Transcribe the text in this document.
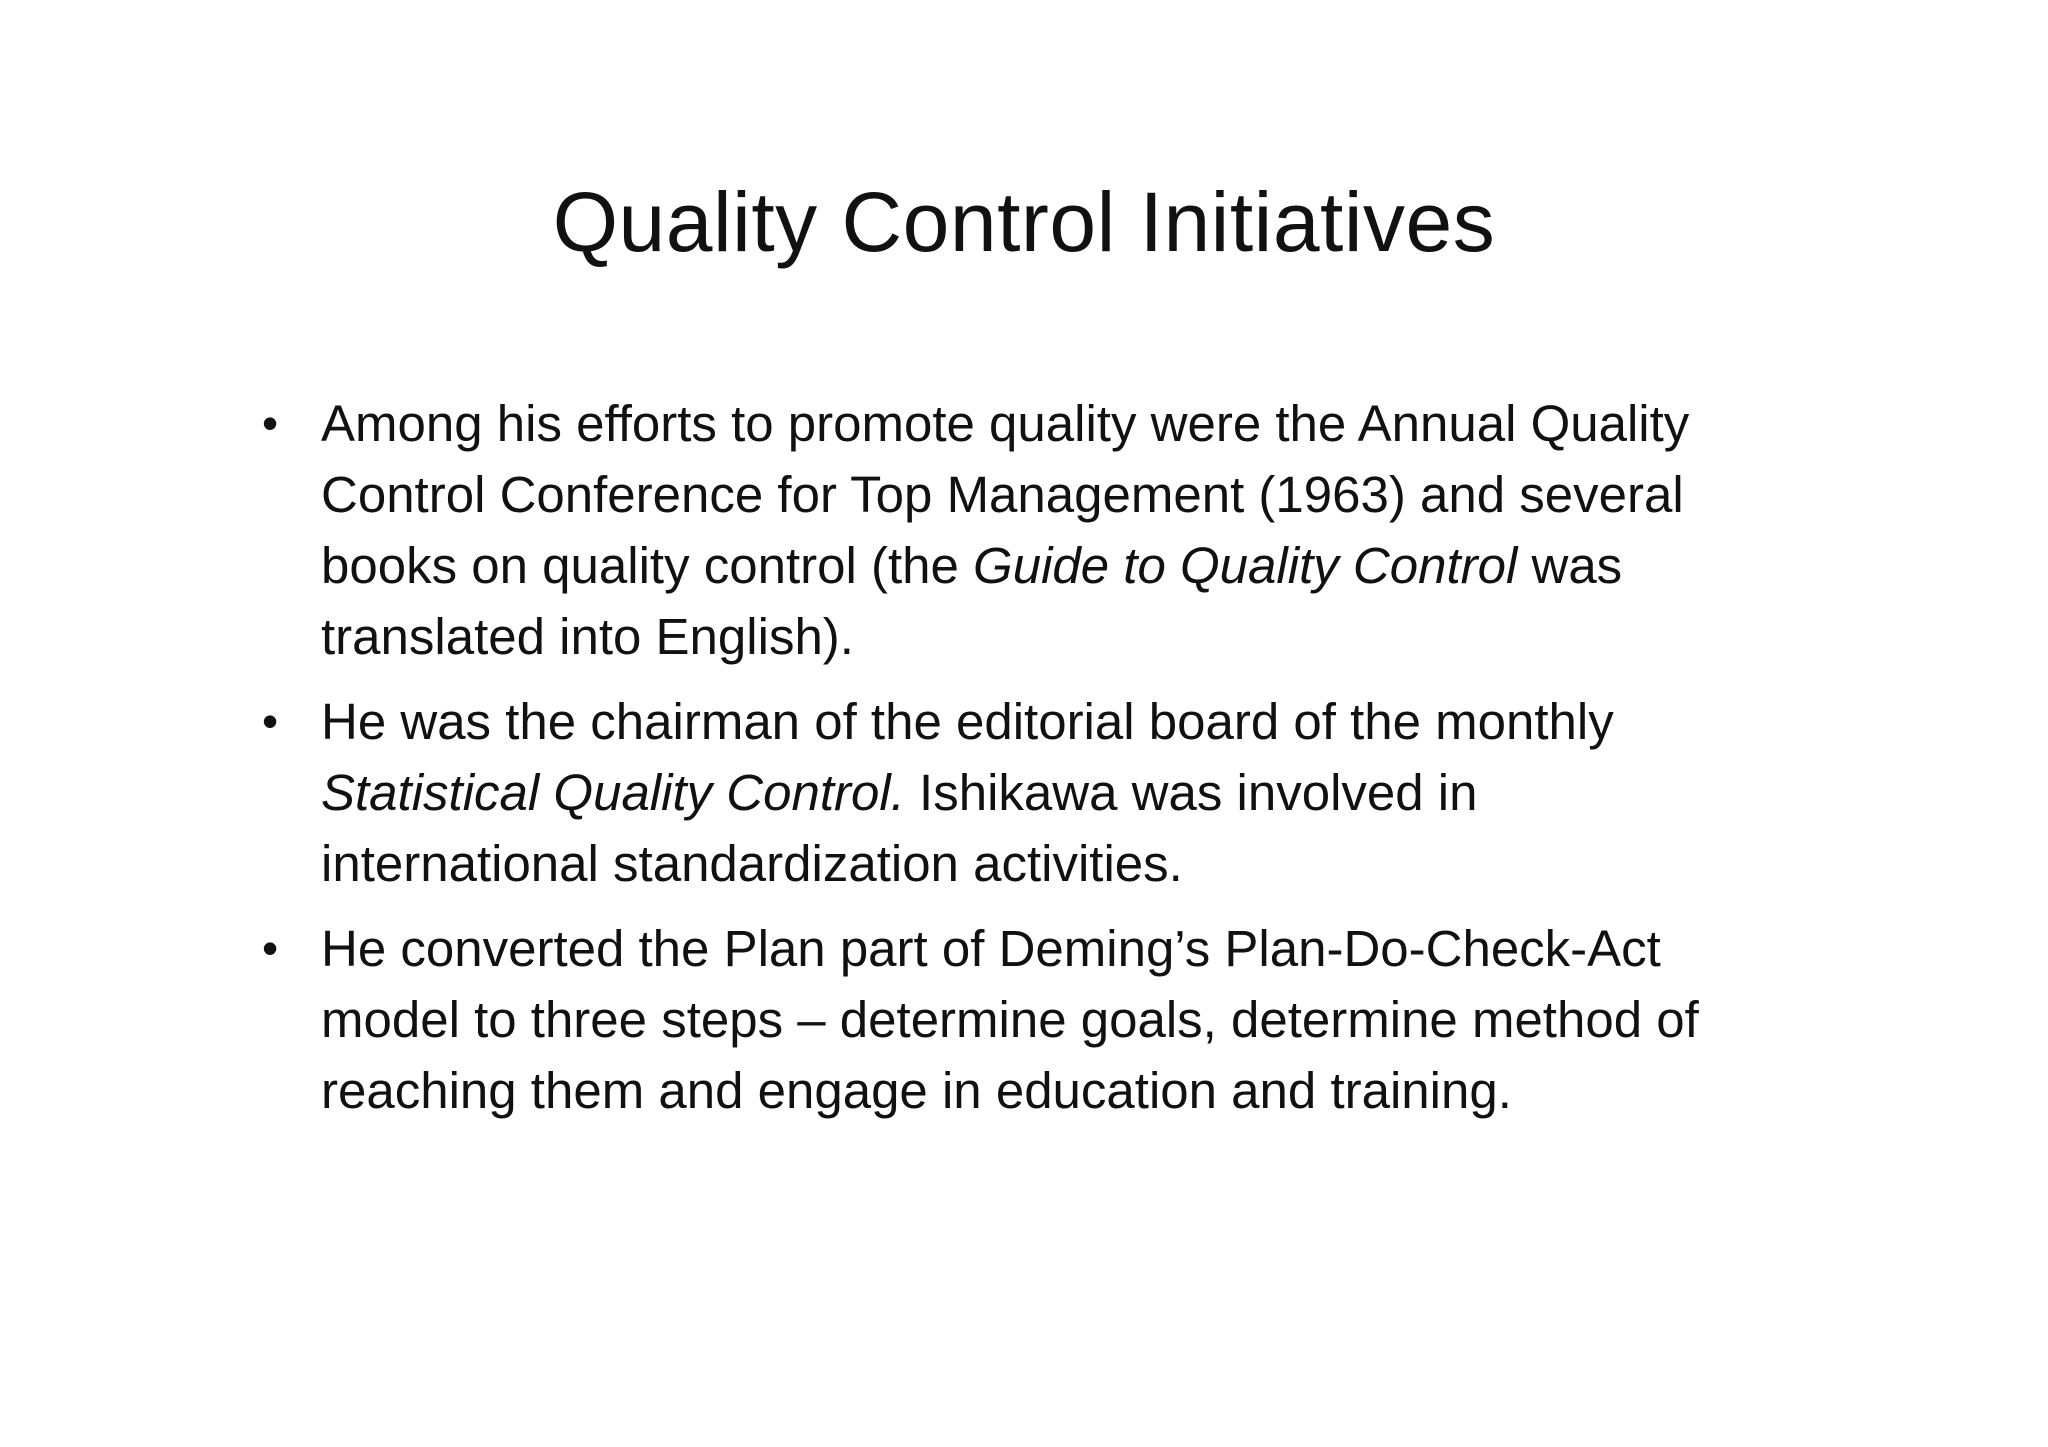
Quality Control Initiatives
• Among his efforts to promote quality were the Annual Quality
Control Conference for Top Management (1963) and several
books on quality control (the Guide to Quality Control was
translated into English).
• He was the chairman of the editorial board of the monthly
Statistical Quality Control. Ishikawa was involved in
international standardization activities.
• He converted the Plan part of Deming’s Plan-Do-Check-Act
model to three steps – determine goals, determine method of
reaching them and engage in education and training.
